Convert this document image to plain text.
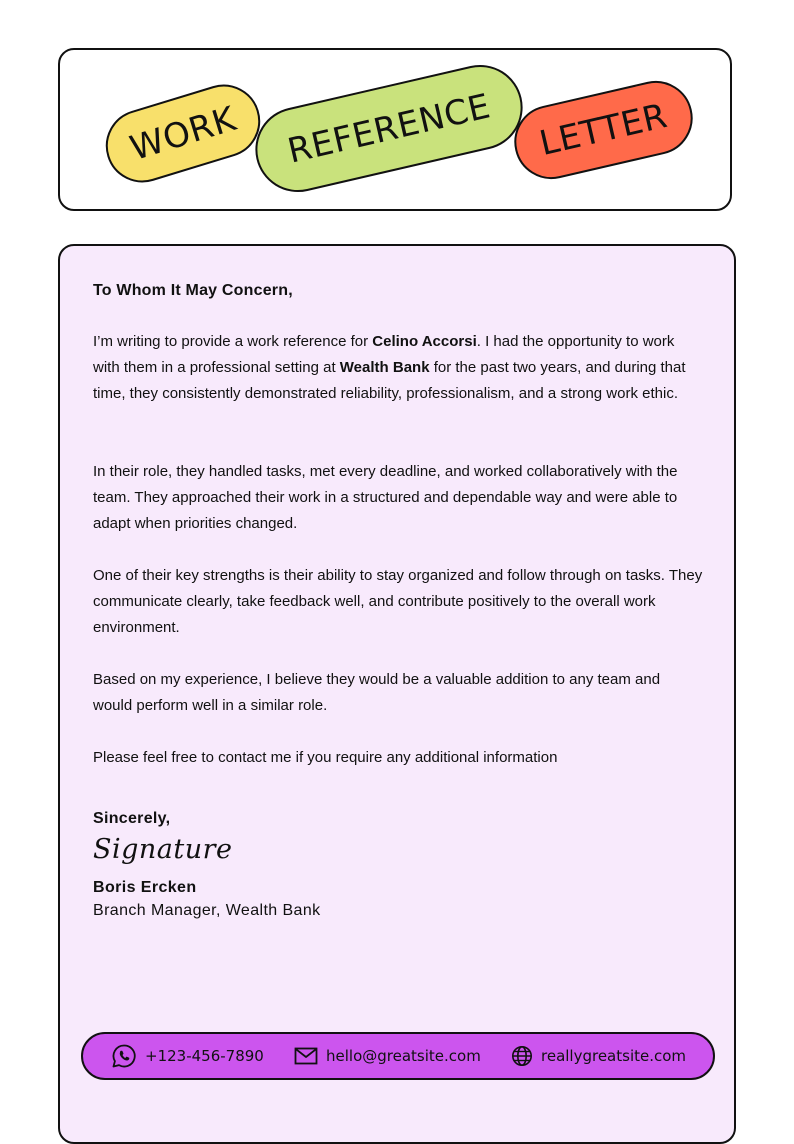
WORK REFERENCE LETTER
To Whom It May Concern,

I’m writing to provide a work reference for Celino Accorsi. I had the opportunity to work with them in a professional setting at Wealth Bank for the past two years, and during that time, they consistently demonstrated reliability, professionalism, and a strong work ethic.

In their role, they handled tasks, met every deadline, and worked collaboratively with the team. They approached their work in a structured and dependable way and were able to adapt when priorities changed.

One of their key strengths is their ability to stay organized and follow through on tasks. They communicate clearly, take feedback well, and contribute positively to the overall work environment.

Based on my experience, I believe they would be a valuable addition to any team and would perform well in a similar role.

Please feel free to contact me if you require any additional information

Sincerely,
Signature
Boris Ercken
Branch Manager, Wealth Bank
+123-456-7890	hello@greatsite.com	reallygreatsite.com
